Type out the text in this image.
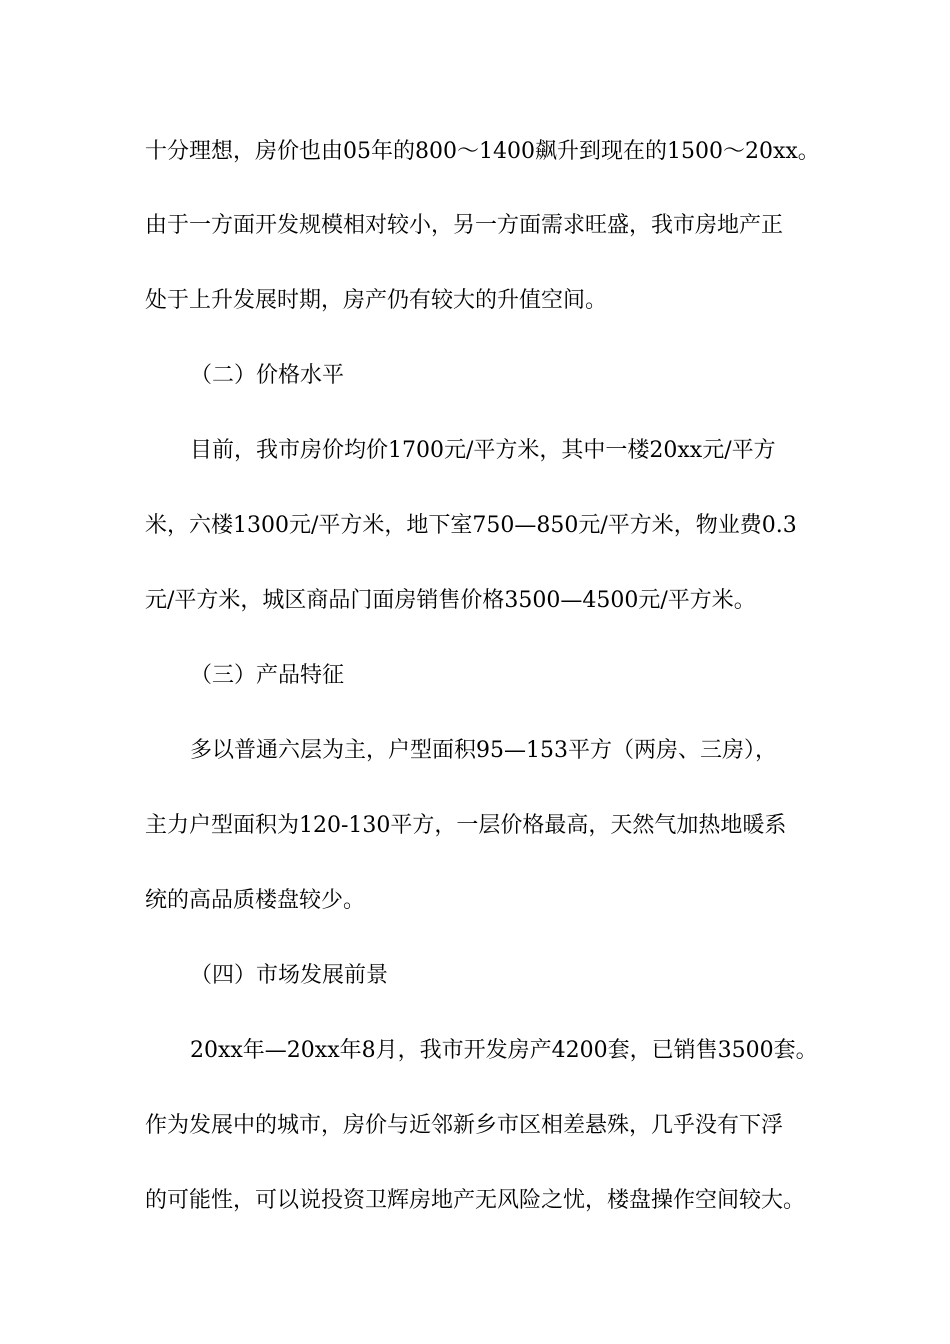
十分理想，房价也由05年的800～1400飙升到现在的1500～20xx。

由于一方面开发规模相对较小，另一方面需求旺盛，我市房地产正

处于上升发展时期，房产仍有较大的升值空间。

（二）价格水平

目前，我市房价均价1700元/平方米，其中一楼20xx元/平方

米，六楼1300元/平方米，地下室750—850元/平方米，物业费0.3

元/平方米，城区商品门面房销售价格3500—4500元/平方米。

（三）产品特征

多以普通六层为主，户型面积95—153平方（两房、三房），

主力户型面积为120-130平方，一层价格最高，天然气加热地暖系

统的高品质楼盘较少。

（四）市场发展前景

20xx年—20xx年8月，我市开发房产4200套，已销售3500套。

作为发展中的城市，房价与近邻新乡市区相差悬殊，几乎没有下浮

的可能性，可以说投资卫辉房地产无风险之忧，楼盘操作空间较大。
